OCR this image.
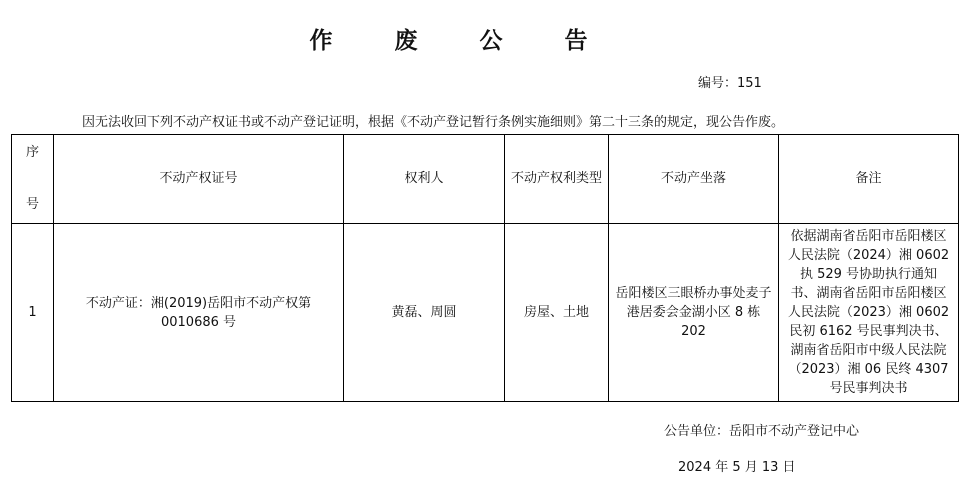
作 废 公 告
编号：151
因无法收回下列不动产权证书或不动产登记证明，根据《不动产登记暂行条例实施细则》第二十三条的规定，现公告作废。
序
号	不动产权证号	权利人	不动产权利类型	不动产坐落	备注
1	不动产证：湘(2019)岳阳市不动产权第 0010686 号	黄磊、周圆	房屋、土地	岳阳楼区三眼桥办事处麦子港居委会金湖小区 8 栋 202	依据湖南省岳阳市岳阳楼区人民法院（2024）湘 0602 执 529 号协助执行通知书、湖南省岳阳市岳阳楼区人民法院（2023）湘 0602 民初 6162 号民事判决书、湖南省岳阳市中级人民法院（2023）湘 06 民终 4307 号民事判决书
公告单位：岳阳市不动产登记中心
2024 年 5 月 13 日
